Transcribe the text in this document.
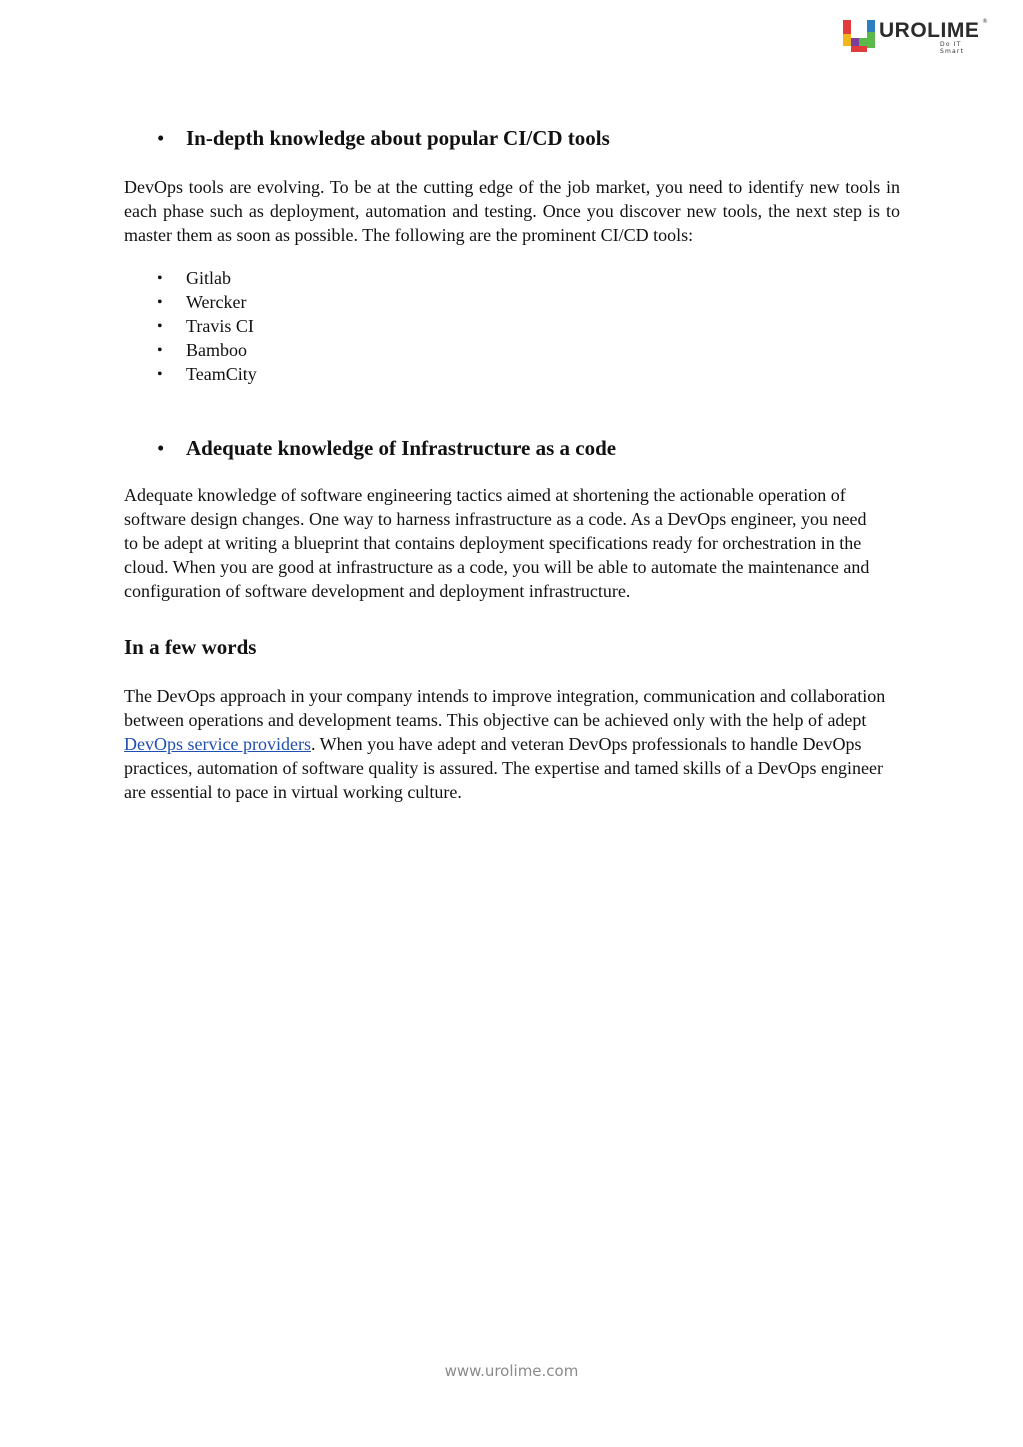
UROLIME ®
Do IT Smart
• In-depth knowledge about popular CI/CD tools

DevOps tools are evolving. To be at the cutting edge of the job market, you need to identify new tools in each phase such as deployment, automation and testing. Once you discover new tools, the next step is to master them as soon as possible. The following are the prominent CI/CD tools:

• Gitlab
• Wercker
• Travis CI
• Bamboo
• TeamCity
• Adequate knowledge of Infrastructure as a code

Adequate knowledge of software engineering tactics aimed at shortening the actionable operation of software design changes. One way to harness infrastructure as a code. As a DevOps engineer, you need to be adept at writing a blueprint that contains deployment specifications ready for orchestration in the cloud. When you are good at infrastructure as a code, you will be able to automate the maintenance and configuration of software development and deployment infrastructure.

In a few words

The DevOps approach in your company intends to improve integration, communication and collaboration between operations and development teams. This objective can be achieved only with the help of adept DevOps service providers. When you have adept and veteran DevOps professionals to handle DevOps practices, automation of software quality is assured. The expertise and tamed skills of a DevOps engineer are essential to pace in virtual working culture.

www.urolime.com
